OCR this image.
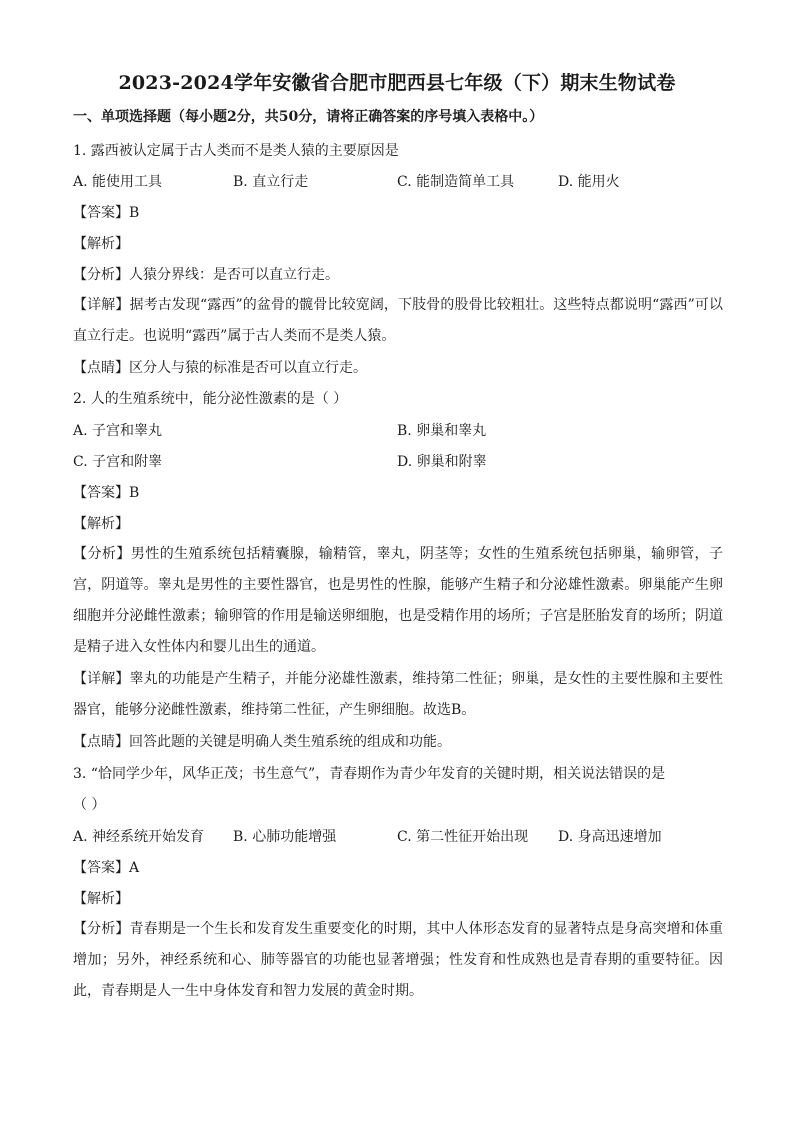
2023-2024学年安徽省合肥市肥西县七年级（下）期末生物试卷
一、单项选择题（每小题2分，共50分，请将正确答案的序号填入表格中。）
1. 露西被认定属于古人类而不是类人猿的主要原因是
A. 能使用工具	B. 直立行走	C. 能制造简单工具	D. 能用火
【答案】B
【解析】
【分析】人猿分界线：是否可以直立行走。
【详解】据考古发现“露西”的盆骨的髋骨比较宽阔，下肢骨的股骨比较粗壮。这些特点都说明“露西”可以直立行走。也说明“露西”属于古人类而不是类人猿。
【点睛】区分人与猿的标准是否可以直立行走。
2. 人的生殖系统中，能分泌性激素的是（ ）
A. 子宫和睾丸	B. 卵巢和睾丸
C. 子宫和附睾	D. 卵巢和附睾
【答案】B
【解析】
【分析】男性的生殖系统包括精囊腺，输精管，睾丸，阴茎等；女性的生殖系统包括卵巢，输卵管，子宫，阴道等。睾丸是男性的主要性器官，也是男性的性腺，能够产生精子和分泌雄性激素。卵巢能产生卵细胞并分泌雌性激素；输卵管的作用是输送卵细胞，也是受精作用的场所；子宫是胚胎发育的场所；阴道是精子进入女性体内和婴儿出生的通道。
【详解】睾丸的功能是产生精子，并能分泌雄性激素，维持第二性征；卵巢，是女性的主要性腺和主要性器官，能够分泌雌性激素，维持第二性征，产生卵细胞。故选B。
【点睛】回答此题的关键是明确人类生殖系统的组成和功能。
3. “恰同学少年，风华正茂；书生意气”，青春期作为青少年发育的关键时期，相关说法错误的是
（ ）
A. 神经系统开始发育 B. 心肺功能增强	C. 第二性征开始出现 D. 身高迅速增加
【答案】A
【解析】
【分析】青春期是一个生长和发育发生重要变化的时期，其中人体形态发育的显著特点是身高突增和体重增加；另外，神经系统和心、肺等器官的功能也显著增强；性发育和性成熟也是青春期的重要特征。因此，青春期是人一生中身体发育和智力发展的黄金时期。
